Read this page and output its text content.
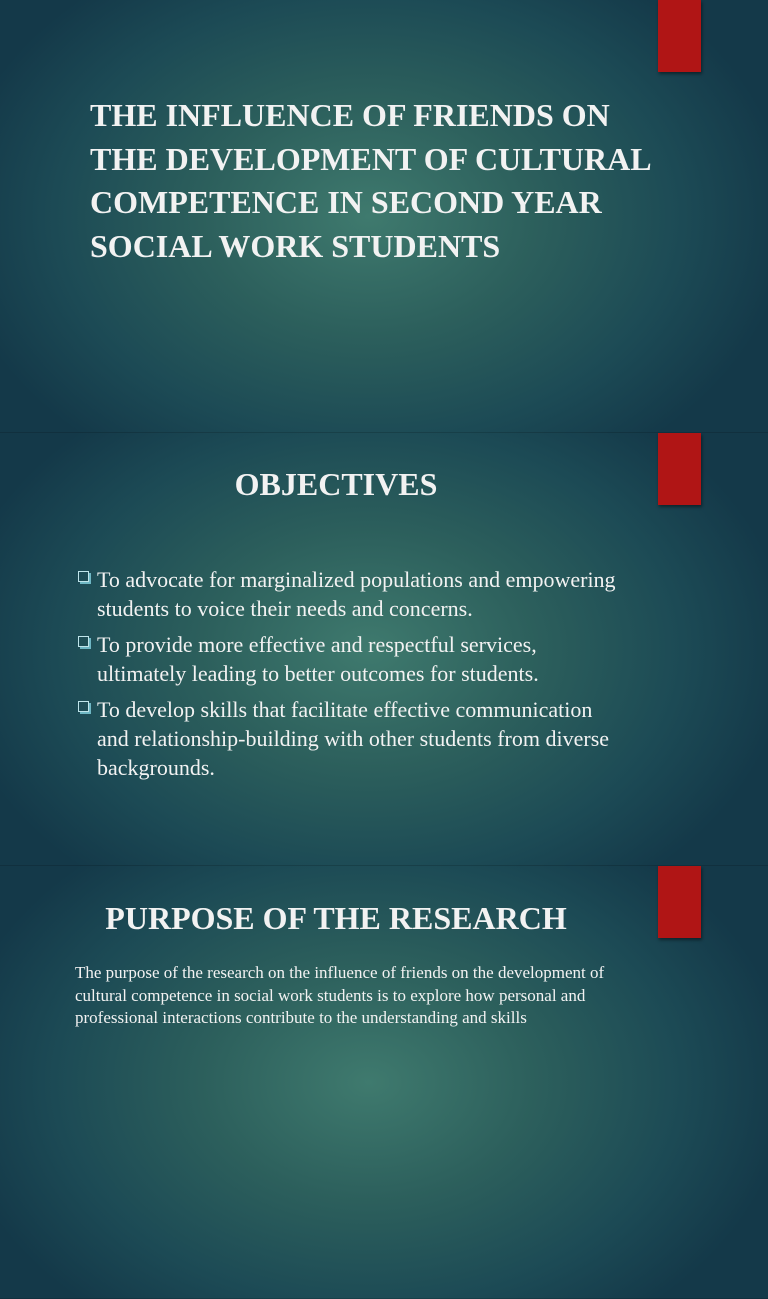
THE INFLUENCE OF FRIENDS ON THE DEVELOPMENT OF CULTURAL COMPETENCE IN SECOND YEAR SOCIAL WORK STUDENTS
OBJECTIVES
To advocate for marginalized populations and empowering students to voice their needs and concerns.
To provide more effective and respectful services, ultimately leading to better outcomes for students.
To develop skills that facilitate effective communication and relationship-building with other students from diverse backgrounds.
PURPOSE OF THE RESEARCH

The purpose of the research on the influence of friends on the development of cultural competence in social work students is to explore how personal and professional interactions contribute to the understanding and skills
